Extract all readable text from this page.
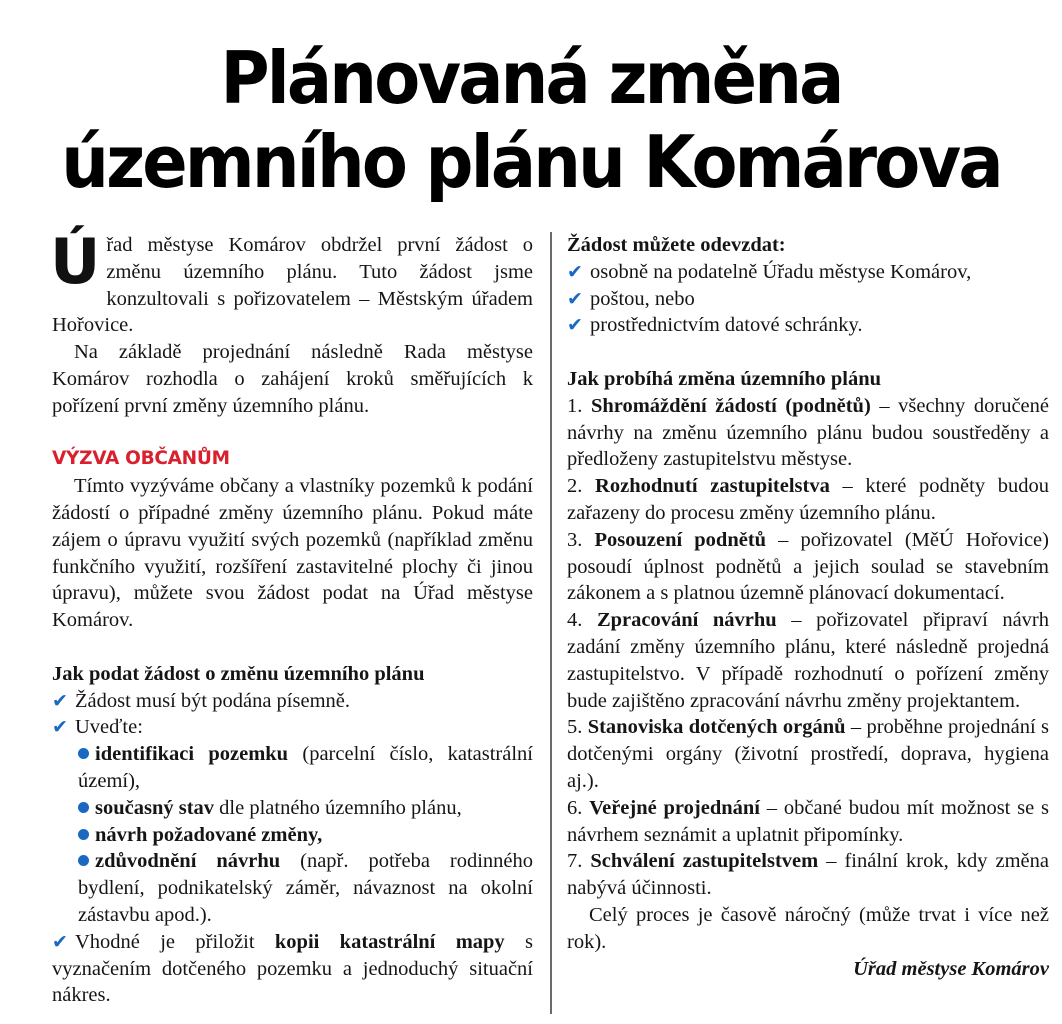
Plánovaná změna
územního plánu Komárova

Úřad městyse Komárov obdržel první žádost o změnu územního plánu. Tuto žádost jsme konzultovali s pořizovatelem – Městským úřadem Hořovice.

Na základě projednání následně Rada městyse Komárov rozhodla o zahájení kroků směřujících k pořízení první změny územního plánu.

VÝZVA OBČANŮM

Tímto vyzýváme občany a vlastníky pozemků k podání žádostí o případné změny územního plánu. Pokud máte zájem o úpravu využití svých pozemků (například změnu funkčního využití, rozšíření zastavitelné plochy či jinou úpravu), můžete svou žádost podat na Úřad městyse Komárov.

Jak podat žádost o změnu územního plánu

✔ Žádost musí být podána písemně.

✔ Uveďte:

identifikaci pozemku (parcelní číslo, katastrální území),

současný stav dle platného územního plánu,

návrh požadované změny,

zdůvodnění návrhu (např. potřeba rodinného bydlení, podnikatelský záměr, návaznost na okolní zástavbu apod.).

✔ Vhodné je přiložit kopii katastrální mapy s vyznačením dotčeného pozemku a jednoduchý situační nákres.

Žádost můžete odevzdat:

✔ osobně na podatelně Úřadu městyse Komárov,

✔ poštou, nebo

✔ prostřednictvím datové schránky.

Jak probíhá změna územního plánu

1. Shromáždění žádostí (podnětů) – všechny doručené návrhy na změnu územního plánu budou soustředěny a předloženy zastupitelstvu městyse.

2. Rozhodnutí zastupitelstva – které podněty budou zařazeny do procesu změny územního plánu.

3. Posouzení podnětů – pořizovatel (MěÚ Hořovice) posoudí úplnost podnětů a jejich soulad se stavebním zákonem a s platnou územně plánovací dokumentací.

4. Zpracování návrhu – pořizovatel připraví návrh zadání změny územního plánu, které následně projedná zastupitelstvo. V případě rozhodnutí o pořízení změny bude zajištěno zpracování návrhu změny projektantem.

5. Stanoviska dotčených orgánů – proběhne projednání s dotčenými orgány (životní prostředí, doprava, hygiena aj.).

6. Veřejné projednání – občané budou mít možnost se s návrhem seznámit a uplatnit připomínky.

7. Schválení zastupitelstvem – finální krok, kdy změna nabývá účinnosti.

Celý proces je časově náročný (může trvat i více než rok).

Úřad městyse Komárov
